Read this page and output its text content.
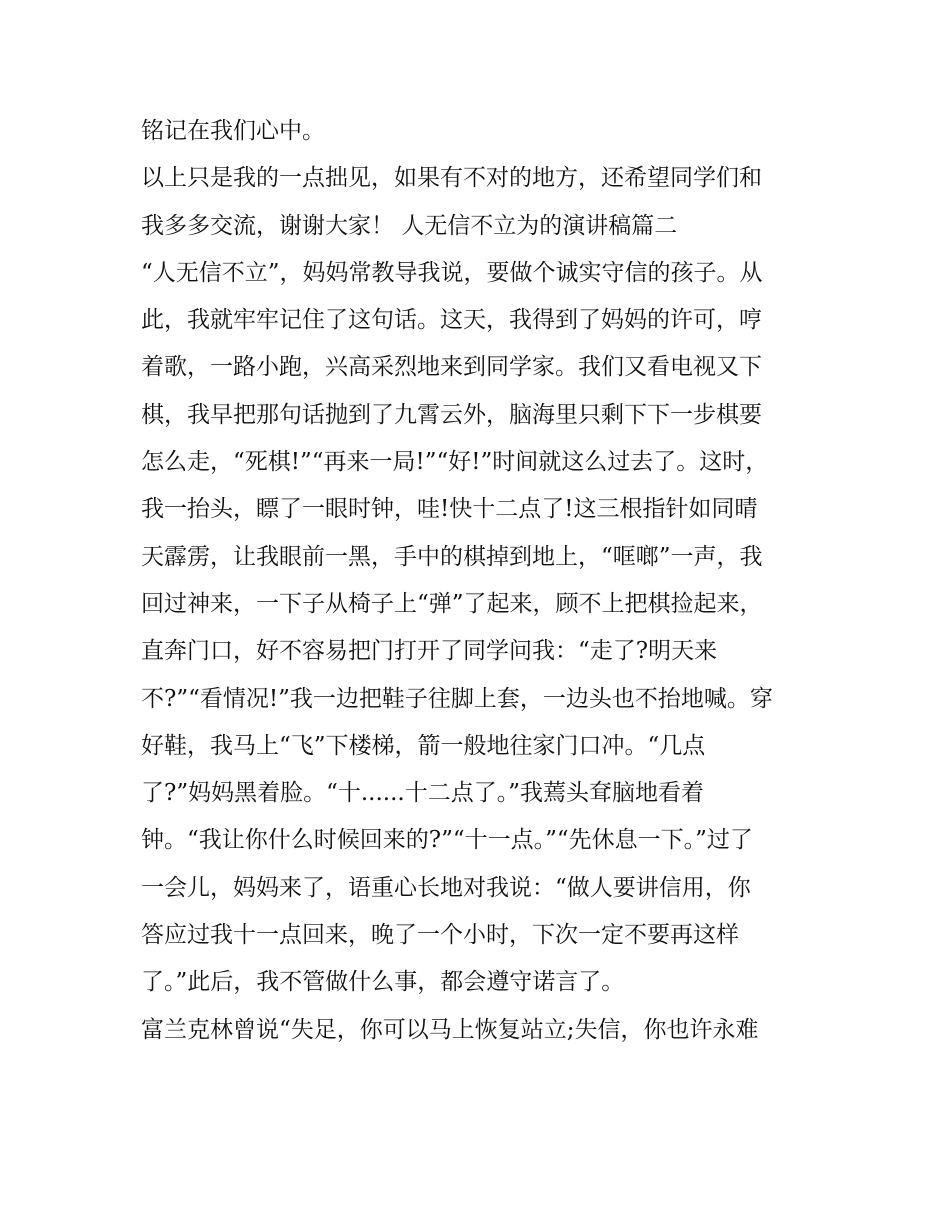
铭记在我们心中。
以上只是我的一点拙见，如果有不对的地方，还希望同学们和
我多多交流，谢谢大家！ 人无信不立为的演讲稿篇二
“人无信不立”，妈妈常教导我说，要做个诚实守信的孩子。从
此，我就牢牢记住了这句话。这天，我得到了妈妈的许可，哼
着歌，一路小跑，兴高采烈地来到同学家。我们又看电视又下
棋，我早把那句话抛到了九霄云外，脑海里只剩下下一步棋要
怎么走，“死棋!”“再来一局!”“好!”时间就这么过去了。这时，
我一抬头，瞟了一眼时钟，哇!快十二点了!这三根指针如同晴
天霹雳，让我眼前一黑，手中的棋掉到地上，“哐啷”一声，我
回过神来，一下子从椅子上“弹”了起来，顾不上把棋捡起来，
直奔门口，好不容易把门打开了同学问我：“走了?明天来
不?”“看情况!”我一边把鞋子往脚上套，一边头也不抬地喊。穿
好鞋，我马上“飞”下楼梯，箭一般地往家门口冲。“几点
了?”妈妈黑着脸。“十......十二点了。”我蔫头耷脑地看着
钟。“我让你什么时候回来的?”“十一点。”“先休息一下。”过了
一会儿，妈妈来了，语重心长地对我说：“做人要讲信用，你
答应过我十一点回来，晚了一个小时，下次一定不要再这样
了。”此后，我不管做什么事，都会遵守诺言了。
富兰克林曾说“失足，你可以马上恢复站立;失信，你也许永难
